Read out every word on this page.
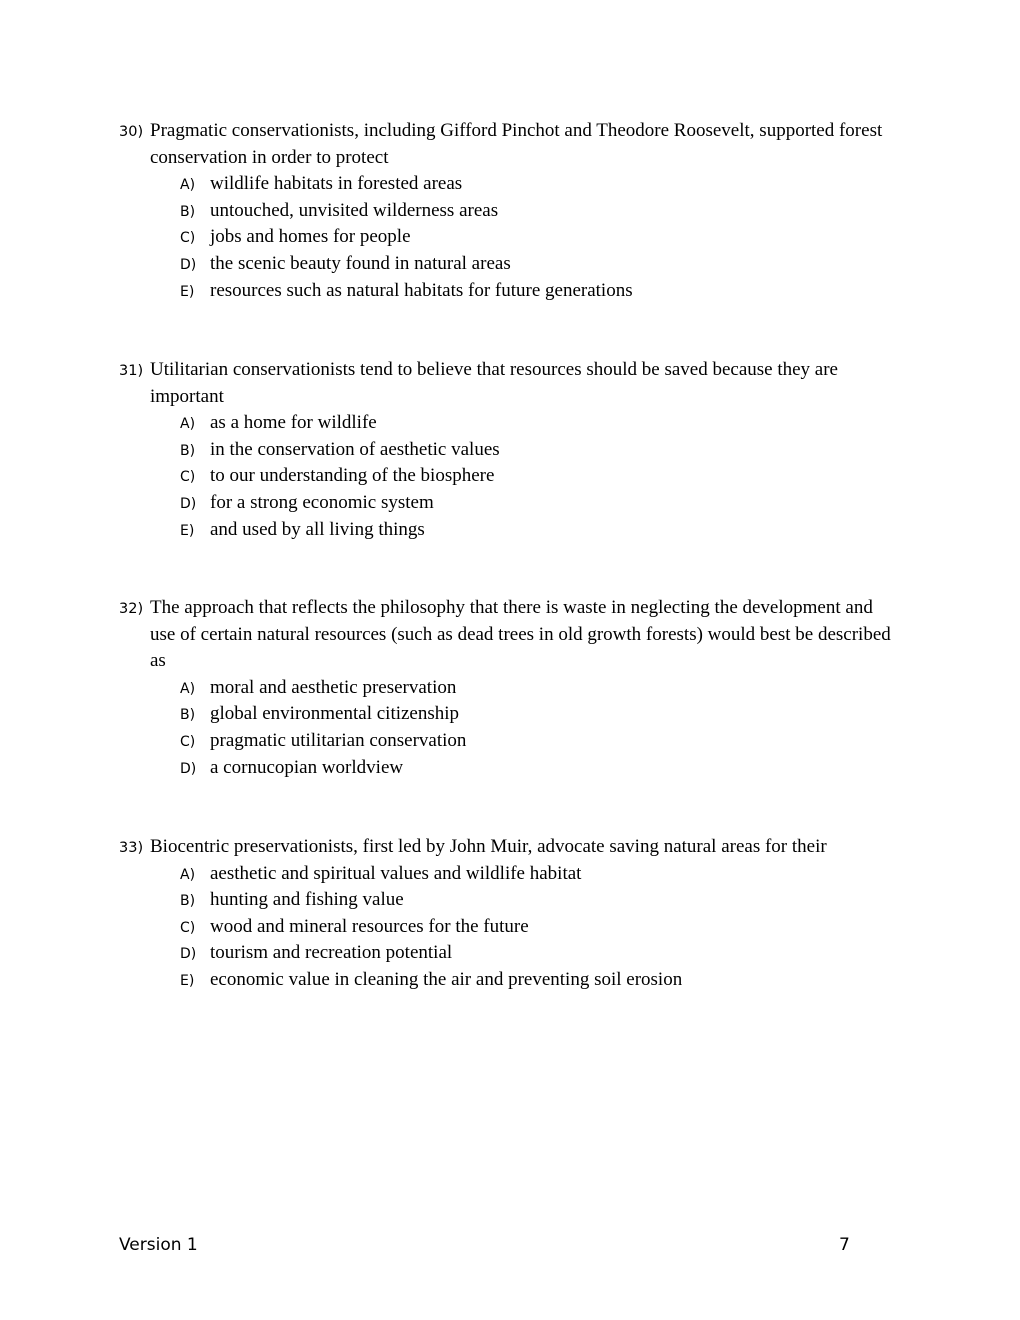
30) Pragmatic conservationists, including Gifford Pinchot and Theodore Roosevelt, supported forest conservation in order to protect
A) wildlife habitats in forested areas
B) untouched, unvisited wilderness areas
C) jobs and homes for people
D) the scenic beauty found in natural areas
E) resources such as natural habitats for future generations
31) Utilitarian conservationists tend to believe that resources should be saved because they are important
A) as a home for wildlife
B) in the conservation of aesthetic values
C) to our understanding of the biosphere
D) for a strong economic system
E) and used by all living things
32) The approach that reflects the philosophy that there is waste in neglecting the development and use of certain natural resources (such as dead trees in old growth forests) would best be described as
A) moral and aesthetic preservation
B) global environmental citizenship
C) pragmatic utilitarian conservation
D) a cornucopian worldview
33) Biocentric preservationists, first led by John Muir, advocate saving natural areas for their
A) aesthetic and spiritual values and wildlife habitat
B) hunting and fishing value
C) wood and mineral resources for the future
D) tourism and recreation potential
E) economic value in cleaning the air and preventing soil erosion
Version 1	7
